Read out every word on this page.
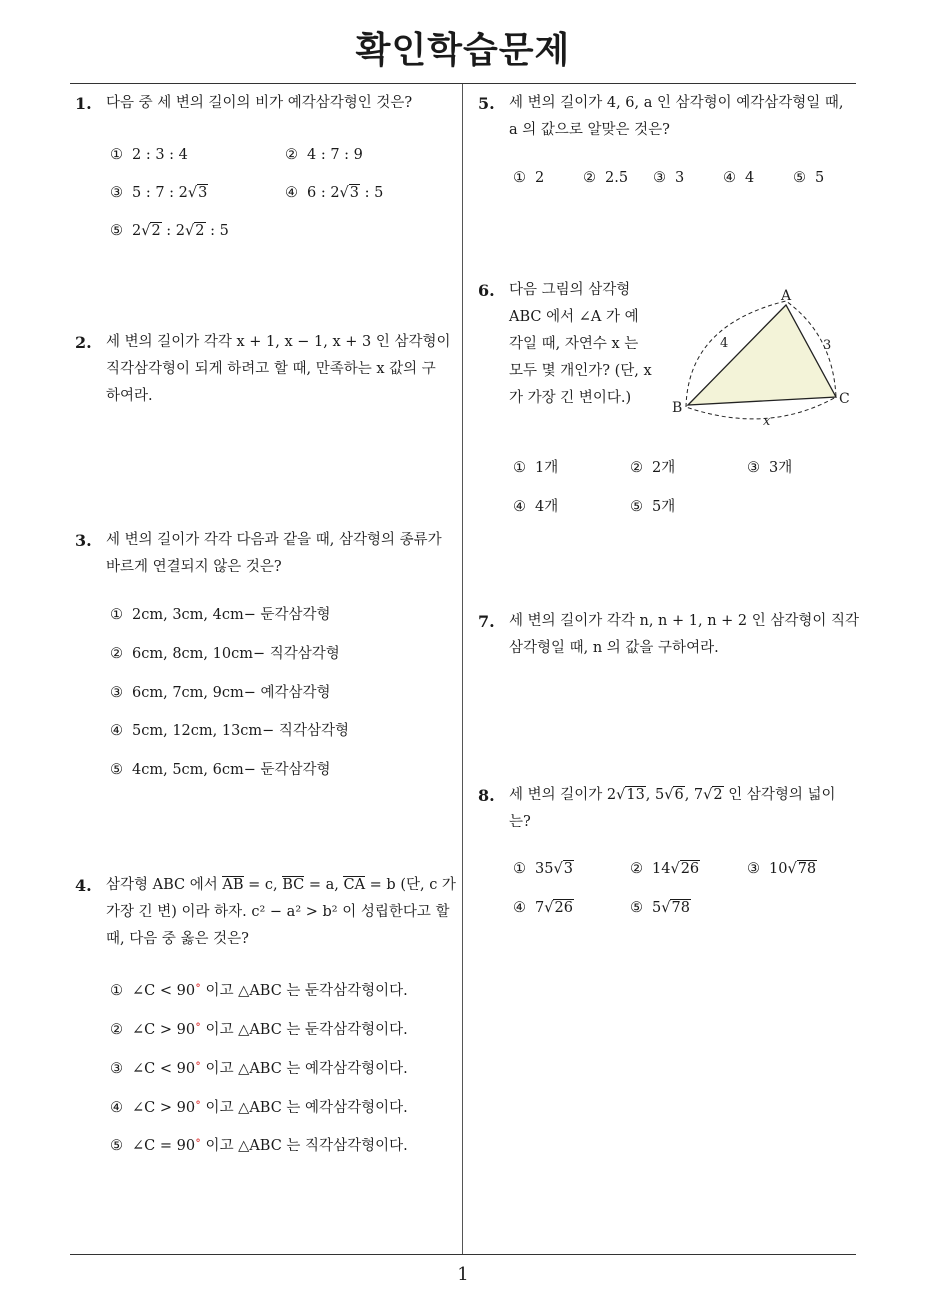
확인학습문제
1
1. 다음 중 세 변의 길이의 비가 예각삼각형인 것은?
① 2 : 3 : 4	② 4 : 7 : 9
③ 5 : 7 : 2√3	④ 6 : 2√3 : 5
⑤ 2√2 : 2√2 : 5
2. 세 변의 길이가 각각 x + 1, x − 1, x + 3 인 삼각형이
직각삼각형이 되게 하려고 할 때, 만족하는 x 값의 구
하여라.
3. 세 변의 길이가 각각 다음과 같을 때, 삼각형의 종류가
바르게 연결되지 않은 것은?
① 2cm, 3cm, 4cm− 둔각삼각형
② 6cm, 8cm, 10cm− 직각삼각형
③ 6cm, 7cm, 9cm− 예각삼각형
④ 5cm, 12cm, 13cm− 직각삼각형
⑤ 4cm, 5cm, 6cm− 둔각삼각형
4. 삼각형 ABC 에서 AB = c, BC = a, CA = b (단, c 가
가장 긴 변) 이라 하자. c² − a² > b² 이 성립한다고 할
때, 다음 중 옳은 것은?
① ∠C < 90∘ 이고 △ABC 는 둔각삼각형이다.
② ∠C > 90∘ 이고 △ABC 는 둔각삼각형이다.
③ ∠C < 90∘ 이고 △ABC 는 예각삼각형이다.
④ ∠C > 90∘ 이고 △ABC 는 예각삼각형이다.
⑤ ∠C = 90∘ 이고 △ABC 는 직각삼각형이다.
5. 세 변의 길이가 4, 6, a 인 삼각형이 예각삼각형일 때,
a 의 값으로 알맞은 것은?
① 2	② 2.5 ③ 3	④ 4	⑤ 5
6. 다음 그림의 삼각형
ABC 에서 ∠A 가 예
각일 때, 자연수 x 는
모두 몇 개인가? (단, x
가 가장 긴 변이다.)
A
B
C
4	3
x
① 1개	② 2개	③ 3개
④ 4개	⑤ 5개
7. 세 변의 길이가 각각 n, n + 1, n + 2 인 삼각형이 직각
삼각형일 때, n 의 값을 구하여라.
8. 세 변의 길이가 2√13, 5√6, 7√2 인 삼각형의 넓이
는?
① 35√3	② 14√26	③ 10√78
④ 7√26	⑤ 5√78
